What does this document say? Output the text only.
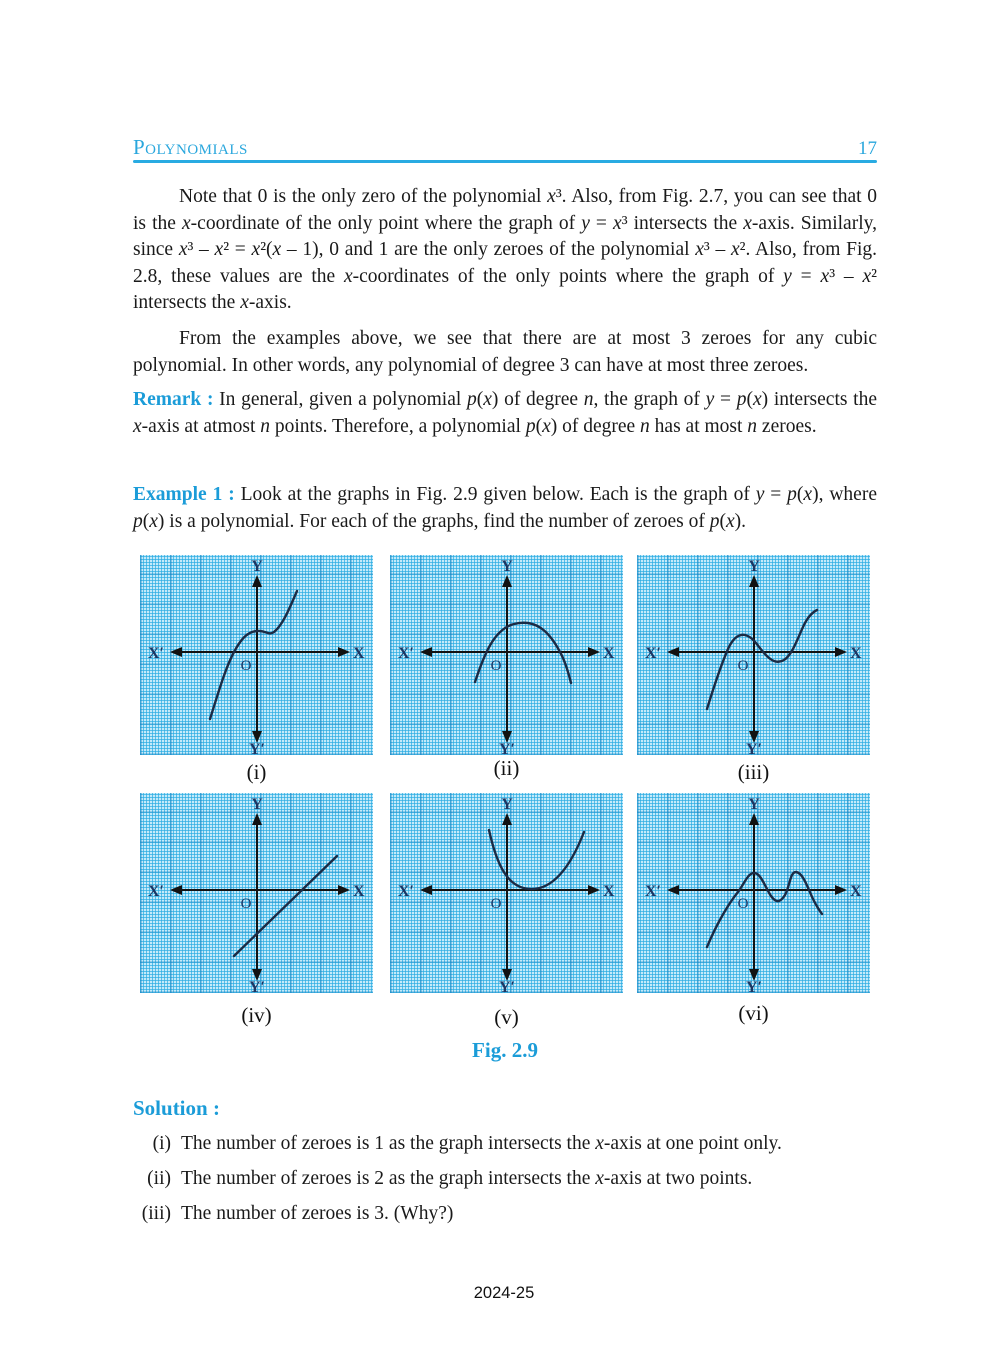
Polynomials	17

Note that 0 is the only zero of the polynomial x³. Also, from Fig. 2.7, you can see that 0 is the x-coordinate of the only point where the graph of y = x³ intersects the x-axis. Similarly, since x³ – x² = x²(x – 1), 0 and 1 are the only zeroes of the polynomial x³ – x². Also, from Fig. 2.8, these values are the x-coordinates of the only points where the graph of y = x³ – x² intersects the x-axis.

From the examples above, we see that there are at most 3 zeroes for any cubic polynomial. In other words, any polynomial of degree 3 can have at most three zeroes.

Remark : In general, given a polynomial p(x) of degree n, the graph of y = p(x) intersects the x-axis at atmost n points. Therefore, a polynomial p(x) of degree n has at most n zeroes.

Example 1 : Look at the graphs in Fig. 2.9 given below. Each is the graph of y = p(x), where p(x) is a polynomial. For each of the graphs, find the number of zeroes of p(x).

Y
Y′
X′	X
O
Y
Y′
X′	X
O
Y
Y′
X′	X
O
(i)	(ii)	(iii)
Y
Y′
X′	X
O
Y
Y′
X′	X
O
Y
Y′
X′	X
O
(iv)	(v)	(vi)
Fig. 2.9
Solution :
(i) The number of zeroes is 1 as the graph intersects the x-axis at one point only.
(ii) The number of zeroes is 2 as the graph intersects the x-axis at two points.
(iii) The number of zeroes is 3. (Why?)
2024-25
